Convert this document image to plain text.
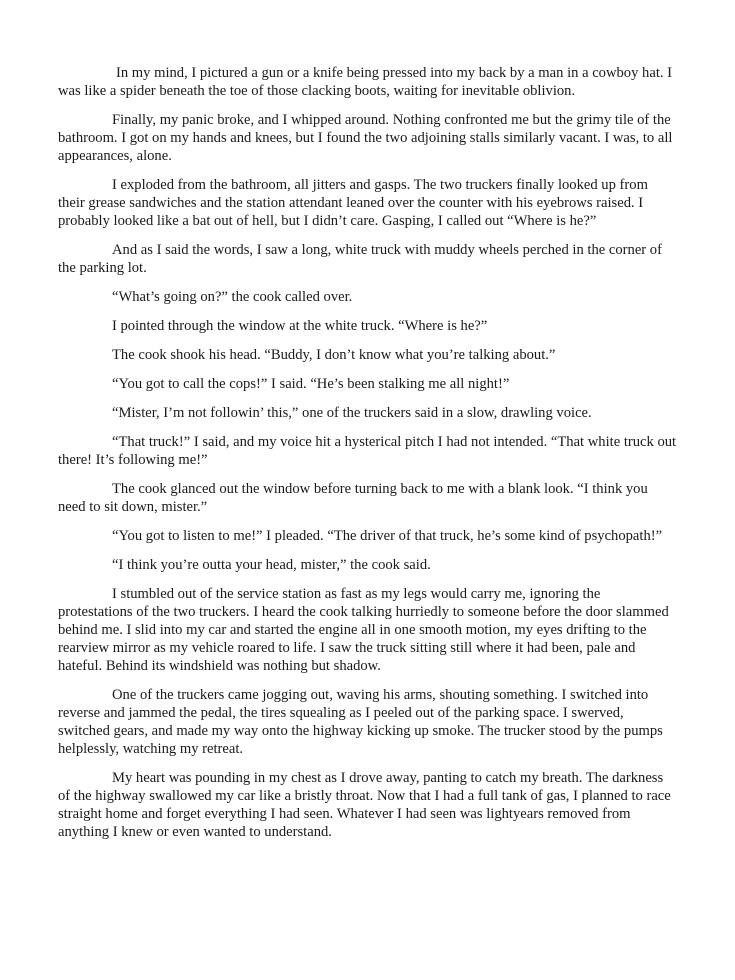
In my mind, I pictured a gun or a knife being pressed into my back by a man in a cowboy hat. I was like a spider beneath the toe of those clacking boots, waiting for inevitable oblivion.

Finally, my panic broke, and I whipped around. Nothing confronted me but the grimy tile of the bathroom. I got on my hands and knees, but I found the two adjoining stalls similarly vacant. I was, to all appearances, alone.

I exploded from the bathroom, all jitters and gasps. The two truckers finally looked up from their grease sandwiches and the station attendant leaned over the counter with his eyebrows raised. I probably looked like a bat out of hell, but I didn’t care. Gasping, I called out “Where is he?”

And as I said the words, I saw a long, white truck with muddy wheels perched in the corner of the parking lot.

“What’s going on?” the cook called over.

I pointed through the window at the white truck. “Where is he?”

The cook shook his head. “Buddy, I don’t know what you’re talking about.”

“You got to call the cops!” I said. “He’s been stalking me all night!”

“Mister, I’m not followin’ this,” one of the truckers said in a slow, drawling voice.

“That truck!” I said, and my voice hit a hysterical pitch I had not intended. “That white truck out there! It’s following me!”

The cook glanced out the window before turning back to me with a blank look. “I think you need to sit down, mister.”

“You got to listen to me!” I pleaded. “The driver of that truck, he’s some kind of psychopath!”

“I think you’re outta your head, mister,” the cook said.

I stumbled out of the service station as fast as my legs would carry me, ignoring the protestations of the two truckers. I heard the cook talking hurriedly to someone before the door slammed behind me. I slid into my car and started the engine all in one smooth motion, my eyes drifting to the rearview mirror as my vehicle roared to life. I saw the truck sitting still where it had been, pale and hateful. Behind its windshield was nothing but shadow.

One of the truckers came jogging out, waving his arms, shouting something. I switched into reverse and jammed the pedal, the tires squealing as I peeled out of the parking space. I swerved, switched gears, and made my way onto the highway kicking up smoke. The trucker stood by the pumps helplessly, watching my retreat.

My heart was pounding in my chest as I drove away, panting to catch my breath. The darkness of the highway swallowed my car like a bristly throat. Now that I had a full tank of gas, I planned to race straight home and forget everything I had seen. Whatever I had seen was lightyears removed from anything I knew or even wanted to understand.
